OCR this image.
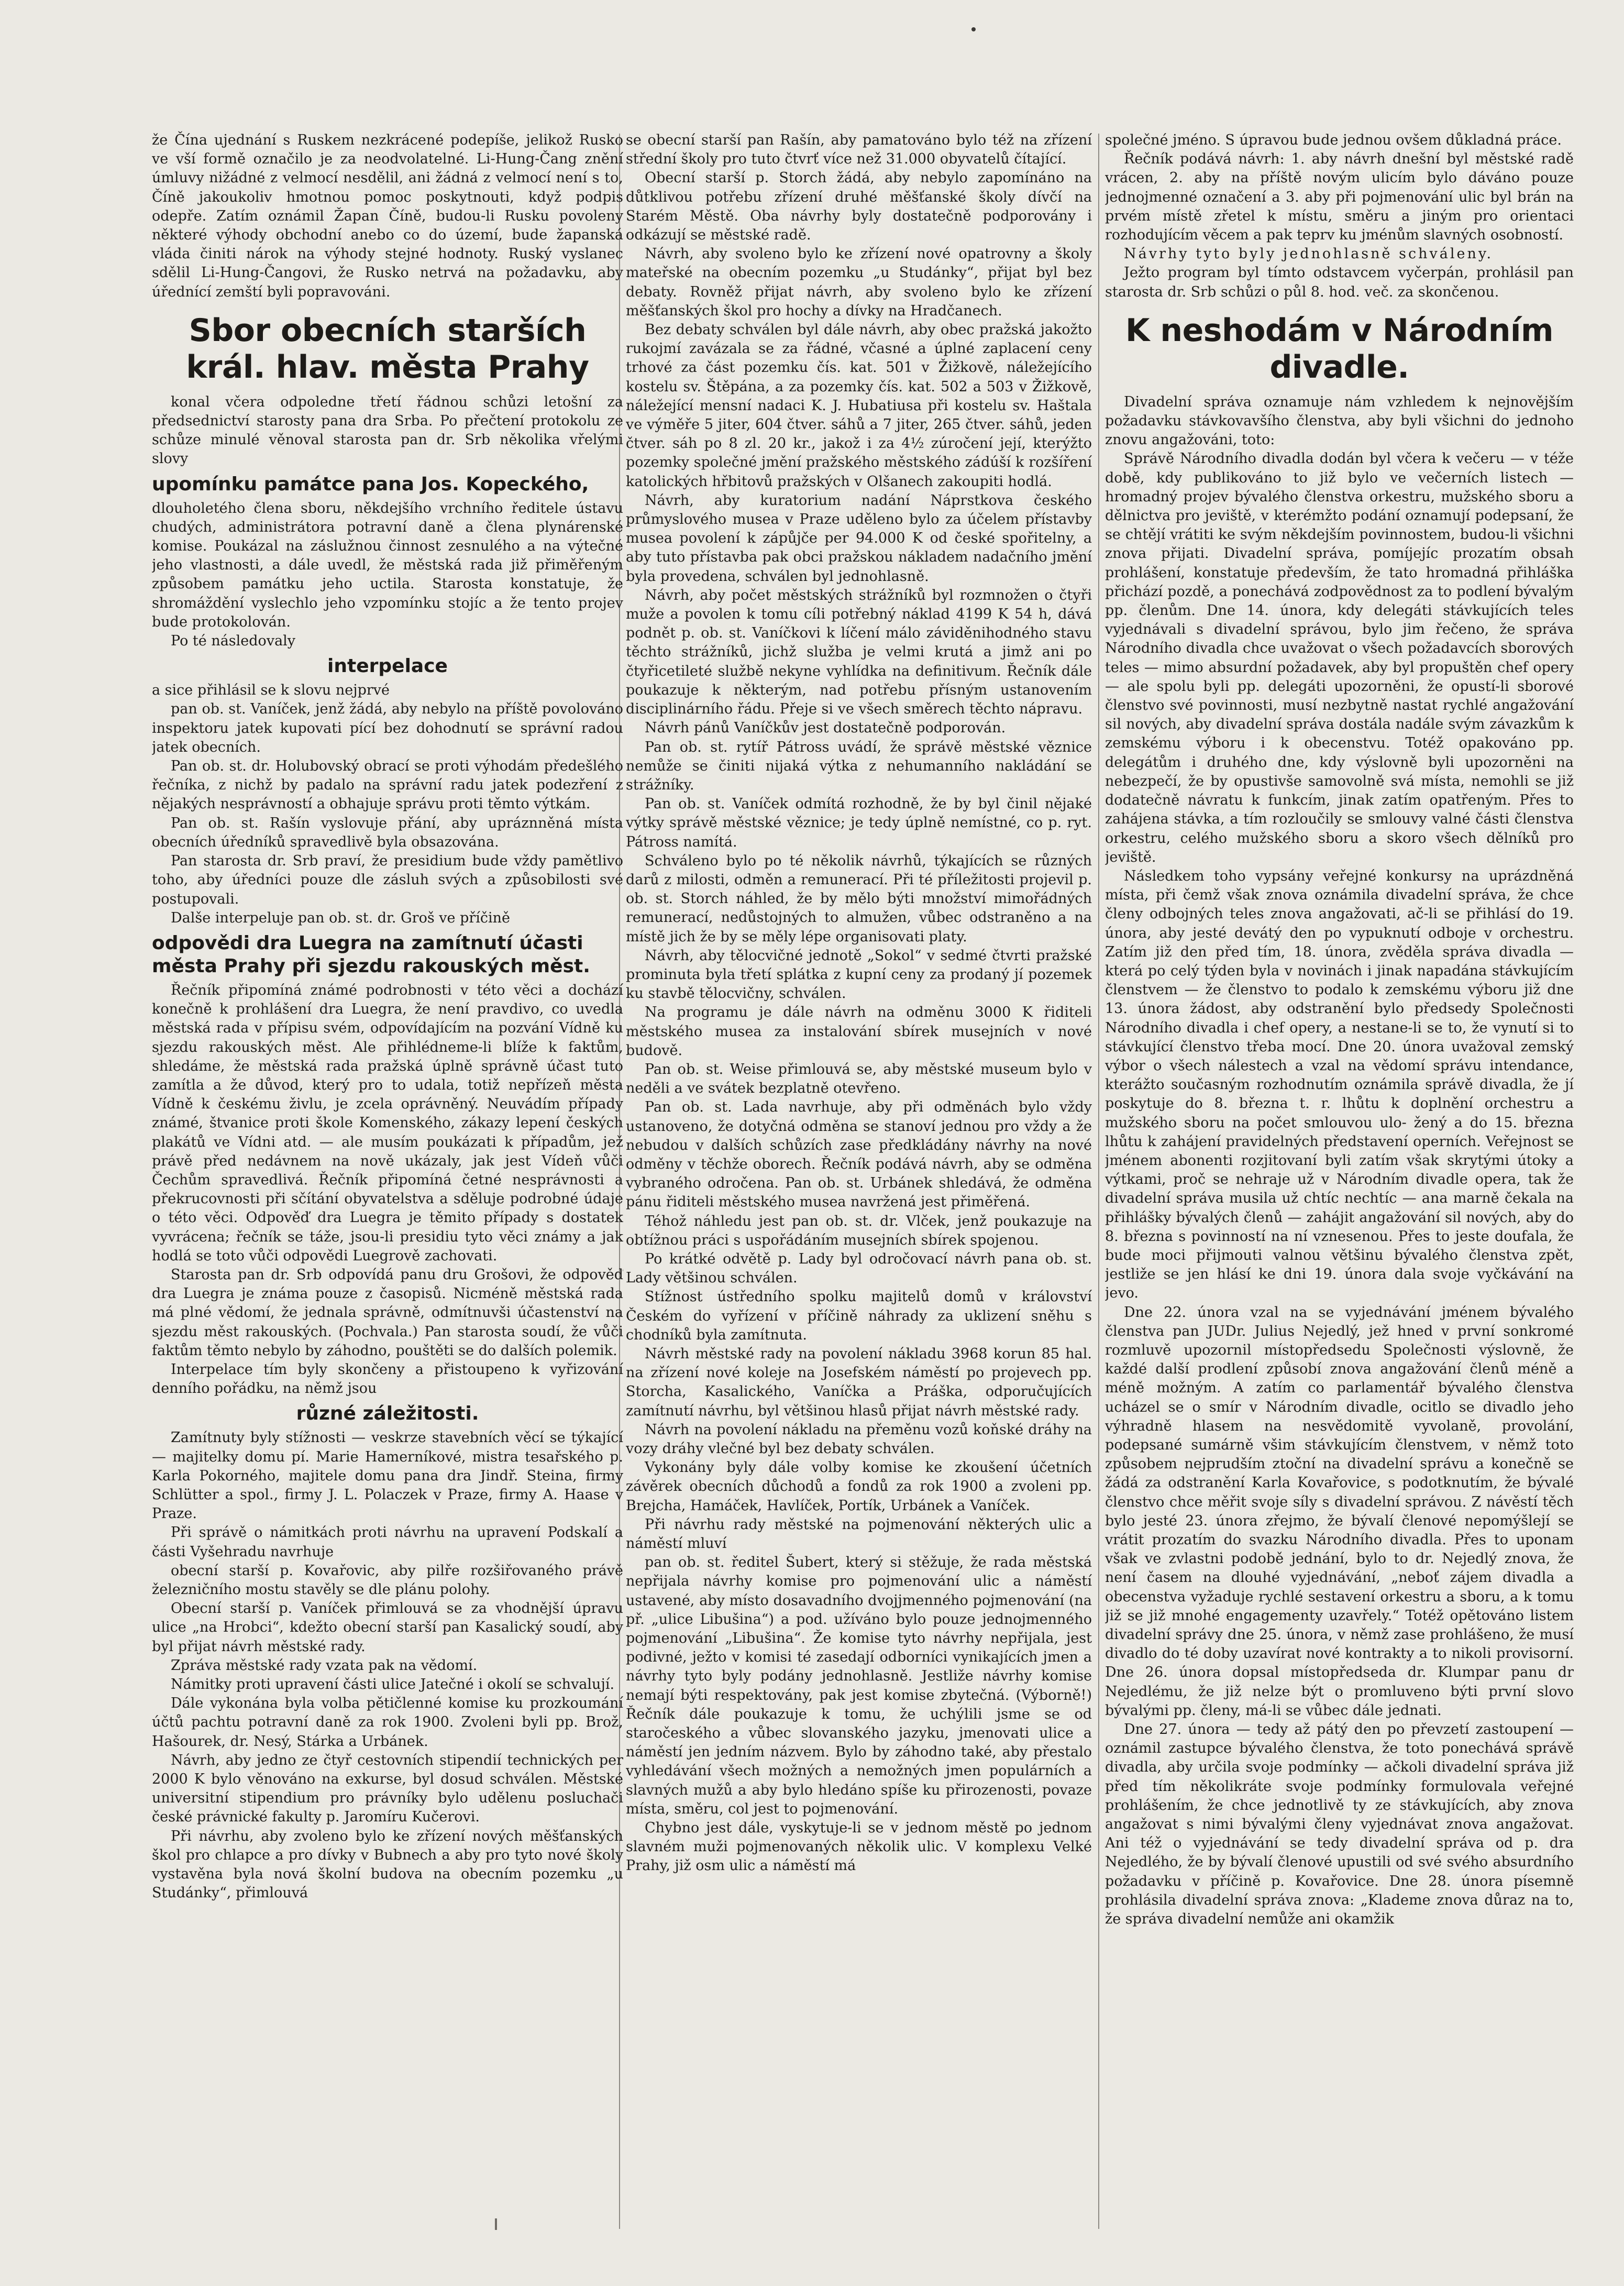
že Čína ujednání s Ruskem nezkrácené podepíše, jelikož Rusko ve vší formě označilo je za neodvolatelné. Li-Hung-Čang znění úmluvy nižádné z velmocí nesdělil, ani žádná z velmocí není s to, Číně jakoukoliv hmotnou pomoc poskytnouti, když podpis odepře. Zatím oznámil Žapan Číně, budou-li Rusku povoleny některé výhody obchodní anebo co do území, bude žapanská vláda činiti nárok na výhody stejné hodnoty. Ruský vyslanec sdělil Li-Hung-Čangovi, že Rusko netrvá na požadavku, aby úřednící zemští byli popravováni.

Sbor obecních starších král. hlav. města Prahy

konal včera odpoledne třetí řádnou schůzi letošní za předsednictví starosty pana dra Srba. Po přečtení protokolu ze schůze minulé věnoval starosta pan dr. Srb několika vřelými slovy

upomínku památce pana Jos. Kopeckého,

dlouholetého člena sboru, někdejšího vrchního ředitele ústavu chudých, administrátora potravní daně a člena plynárenské komise. Poukázal na záslužnou činnost zesnulého a na výtečné jeho vlastnosti, a dále uvedl, že městská rada již přiměřeným způsobem památku jeho uctila. Starosta konstatuje, že shromáždění vyslechlo jeho vzpomínku stojíc a že tento projev bude protokolován.

Po té následovaly

interpelace

a sice přihlásil se k slovu nejprvé

pan ob. st. Vaníček, jenž žádá, aby nebylo na příště povolováno inspektoru jatek kupovati pící bez dohodnutí se správní radou jatek obecních.

Pan ob. st. dr. Holubovský obrací se proti výhodám předešlého řečníka, z nichž by padalo na správní radu jatek podezření z nějakých nesprávností a obhajuje správu proti těmto výtkám.

Pan ob. st. Rašín vyslovuje přání, aby upráznněná místa obecních úředníků spravedlivě byla obsazována.

Pan starosta dr. Srb praví, že presidium bude vždy pamětlivo toho, aby úředníci pouze dle zásluh svých a způsobilosti své postupovali.

Dalše interpeluje pan ob. st. dr. Groš ve příčině

odpovědi dra Luegra na zamítnutí účasti města Prahy při sjezdu rakouských měst.

Řečník připomíná známé podrobnosti v této věci a dochází konečně k prohlášení dra Luegra, že není pravdivo, co uvedla městská rada v přípisu svém, odpovídajícím na pozvání Vídně ku sjezdu rakouských měst. Ale přihlédneme-li blíže k faktům, shledáme, že městská rada pražská úplně správně účast tuto zamítla a že důvod, který pro to udala, totiž nepřízeň města Vídně k českému živlu, je zcela oprávněný. Neuvádím případy známé, štvanice proti škole Komenského, zákazy lepení českých plakátů ve Vídni atd. — ale musím poukázati k případům, jež právě před nedávnem na nově ukázaly, jak jest Vídeň vůči Čechům spravedlivá. Řečník připomíná četné nesprávnosti a překrucovnosti při sčítání obyvatelstva a sděluje podrobné údaje o této věci. Odpověď dra Luegra je těmito případy s dostatek vyvrácena; řečník se táže, jsou-li presidiu tyto věci známy a jak hodlá se toto vůči odpovědi Luegrově zachovati.

Starosta pan dr. Srb odpovídá panu dru Grošovi, že odpověď dra Luegra je známa pouze z časopisů. Nicméně městská rada má plné vědomí, že jednala správně, odmítnuvši účastenství na sjezdu měst rakouských. (Pochvala.) Pan starosta soudí, že vůči faktům těmto nebylo by záhodno, pouštěti se do dalších polemik.

Interpelace tím byly skončeny a přistoupeno k vyřizování denního pořádku, na němž jsou

různé záležitosti.

Zamítnuty byly stížnosti — veskrze stavebních věcí se týkající — majitelky domu pí. Marie Hamerníkové, mistra tesařského p. Karla Pokorného, majitele domu pana dra Jindř. Steina, firmy Schlütter a spol., firmy J. L. Polaczek v Praze, firmy A. Haase v Praze.

Při správě o námitkách proti návrhu na upravení Podskalí a části Vyšehradu navrhuje

obecní starší p. Kovařovic, aby pilře rozšiřovaného právě železničního mostu stavěly se dle plánu polohy.

Obecní starší p. Vaníček přimlouvá se za vhodnější úpravu ulice „na Hrobci“, kdežto obecní starší pan Kasalický soudí, aby byl přijat návrh městské rady.

Zpráva městské rady vzata pak na vědomí.

Námitky proti upravení části ulice Jatečné i okolí se schvalují.

Dále vykonána byla volba pětičlenné komise ku prozkoumání účtů pachtu potravní daně za rok 1900. Zvoleni byli pp. Brož, Hašourek, dr. Nesý, Stárka a Urbánek.

Návrh, aby jedno ze čtyř cestovních stipendií technických per 2000 K bylo věnováno na exkurse, byl dosud schválen. Městské universitní stipendium pro právníky bylo udělenu posluchači české právnické fakulty p. Jaromíru Kučerovi.

Při návrhu, aby zvoleno bylo ke zřízení nových měšťanských škol pro chlapce a pro dívky v Bubnech a aby pro tyto nové školy vystavěna byla nová školní budova na obecním pozemku „u Studánky“, přimlouvá

se obecní starší pan Rašín, aby pamatováno bylo též na zřízení střední školy pro tuto čtvrť více než 31.000 obyvatelů čítající.

Obecní starší p. Storch žádá, aby nebylo zapomínáno na důtklivou potřebu zřízení druhé měšťanské školy dívčí na Starém Městě. Oba návrhy byly dostatečně podporovány i odkázují se městské radě.

Návrh, aby svoleno bylo ke zřízení nové opatrovny a školy mateřské na obecním pozemku „u Studánky“, přijat byl bez debaty. Rovněž přijat návrh, aby svoleno bylo ke zřízení měšťanských škol pro hochy a dívky na Hradčanech.

Bez debaty schválen byl dále návrh, aby obec pražská jakožto rukojmí zavázala se za řádné, včasné a úplné zaplacení ceny trhové za část pozemku čís. kat. 501 v Žižkově, náležejícího kostelu sv. Štěpána, a za pozemky čís. kat. 502 a 503 v Žižkově, náležející mensní nadaci K. J. Hubatiusa při kostelu sv. Haštala ve výměře 5 jiter, 604 čtver. sáhů a 7 jiter, 265 čtver. sáhů, jeden čtver. sáh po 8 zl. 20 kr., jakož i za 4½ zúročení její, kterýžto pozemky společné jmění pražského městského zádúší k rozšíření katolických hřbitovů pražských v Olšanech zakoupiti hodlá.

Návrh, aby kuratorium nadání Náprstkova českého průmyslového musea v Praze uděleno bylo za účelem přístavby musea povolení k zápůjče per 94.000 K od české spořitelny, a aby tuto přístavba pak obci pražskou nákladem nadačního jmění byla provedena, schválen byl jednohlasně.

Návrh, aby počet městských strážníků byl rozmnožen o čtyři muže a povolen k tomu cíli potřebný náklad 4199 K 54 h, dává podnět p. ob. st. Vaníčkovi k líčení málo záviděnihodného stavu těchto strážníků, jichž služba je velmi krutá a jimž ani po čtyřicetileté službě nekyne vyhlídka na definitivum. Řečník dále poukazuje k některým, nad potřebu přísným ustanovením disciplinárního řádu. Přeje si ve všech směrech těchto nápravu.

Návrh pánů Vaníčkův jest dostatečně podporován.

Pan ob. st. rytíř Pátross uvádí, že správě městské věznice nemůže se činiti nijaká výtka z nehumanního nakládání se strážníky.

Pan ob. st. Vaníček odmítá rozhodně, že by byl činil nějaké výtky správě městské věznice; je tedy úplně nemístné, co p. ryt. Pátross namítá.

Schváleno bylo po té několik návrhů, týkajících se různých darů z milosti, odměn a remunerací. Při té příležitosti projevil p. ob. st. Storch náhled, že by mělo býti množství mimořádných remunerací, nedůstojných to almužen, vůbec odstraněno a na místě jich že by se měly lépe organisovati platy.

Návrh, aby tělocvičné jednotě „Sokol“ v sedmé čtvrti pražské prominuta byla třetí splátka z kupní ceny za prodaný jí pozemek ku stavbě tělocvičny, schválen.

Na programu je dále návrh na odměnu 3000 K řiditeli městského musea za instalování sbírek musejních v nové budově.

Pan ob. st. Weise přimlouvá se, aby městské museum bylo v neděli a ve svátek bezplatně otevřeno.

Pan ob. st. Lada navrhuje, aby při odměnách bylo vždy ustanoveno, že dotyčná odměna se stanoví jednou pro vždy a že nebudou v dalších schůzích zase předkládány návrhy na nové odměny v těchže oborech. Řečník podává návrh, aby se odměna vybraného odročena. Pan ob. st. Urbánek shledává, že odměna pánu řiditeli městského musea navržená jest přiměřená.

Téhož náhledu jest pan ob. st. dr. Vlček, jenž poukazuje na obtížnou práci s uspořádáním musejních sbírek spojenou.

Po krátké odvětě p. Lady byl odročovací návrh pana ob. st. Lady většinou schválen.

Stížnost ústředního spolku majitelů domů v království Českém do vyřízení v příčině náhrady za uklizení sněhu s chodníků byla zamítnuta.

Návrh městské rady na povolení nákladu 3968 korun 85 hal. na zřízení nové koleje na Josefském náměstí po projevech pp. Storcha, Kasalického, Vaníčka a Práška, odporučujících zamítnutí návrhu, byl většinou hlasů přijat návrh městské rady.

Návrh na povolení nákladu na přeměnu vozů koňské dráhy na vozy dráhy vlečné byl bez debaty schválen.

Vykonány byly dále volby komise ke zkoušení účetních závěrek obecních důchodů a fondů za rok 1900 a zvoleni pp. Brejcha, Hamáček, Havlíček, Portík, Urbánek a Vaníček.

Při návrhu rady městské na pojmenování některých ulic a náměstí mluví

pan ob. st. ředitel Šubert, který si stěžuje, že rada městská nepřijala návrhy komise pro pojmenování ulic a náměstí ustavené, aby místo dosavadního dvojjmenného pojmenování (na př. „ulice Libušina“) a pod. užíváno bylo pouze jednojmenného pojmenování „Libušina“. Že komise tyto návrhy nepřijala, jest podivné, ježto v komisi té zasedají odborníci vynikajících jmen a návrhy tyto byly podány jednohlasně. Jestliže návrhy komise nemají býti respektovány, pak jest komise zbytečná. (Výborně!) Řečník dále poukazuje k tomu, že uchýlili jsme se od staročeského a vůbec slovanského jazyku, jmenovati ulice a náměstí jen jedním názvem. Bylo by záhodno také, aby přestalo vyhledávání všech možných a nemožných jmen populárních a slavných mužů a aby bylo hledáno spíše ku přirozenosti, povaze místa, směru, col jest to pojmenování.

Chybno jest dále, vyskytuje-li se v jednom městě po jednom slavném muži pojmenovaných několik ulic. V komplexu Velké Prahy, již osm ulic a náměstí má

společné jméno. S úpravou bude jednou ovšem důkladná práce.

Řečník podává návrh: 1. aby návrh dnešní byl městské radě vrácen, 2. aby na příště novým ulicím bylo dáváno pouze jednojmenné označení a 3. aby při pojmenování ulic byl brán na prvém místě zřetel k místu, směru a jiným pro orientaci rozhodujícím věcem a pak teprv ku jménům slavných osobností.

Návrhy tyto byly jednohlasně schváleny.

Ježto program byl tímto odstavcem vyčerpán, prohlásil pan starosta dr. Srb schůzi o půl 8. hod. več. za skončenou.

K neshodám v Národním divadle.

Divadelní správa oznamuje nám vzhledem k nejnovějším požadavku stávkovavšího členstva, aby byli všichni do jednoho znovu angažováni, toto:

Správě Národního divadla dodán byl včera k večeru — v téže době, kdy publikováno to již bylo ve večerních listech — hromadný projev bývalého členstva orkestru, mužského sboru a dělnictva pro jeviště, v kterémžto podání oznamují podepsaní, že se chtějí vrátiti ke svým někdejším povinnostem, budou-li všichni znova přijati. Divadelní správa, pomíjejíc prozatím obsah prohlášení, konstatuje především, že tato hromadná přihláška přichází pozdě, a ponechává zodpovědnost za to podlení bývalým pp. členům. Dne 14. února, kdy delegáti stávkujících teles vyjednávali s divadelní správou, bylo jim řečeno, že správa Národního divadla chce uvažovat o všech požadavcích sborových teles — mimo absurdní požadavek, aby byl propuštěn chef opery — ale spolu byli pp. delegáti upozorněni, že opustí-li sborové členstvo své povinnosti, musí nezbytně nastat rychlé angažování sil nových, aby divadelní správa dostála nadále svým závazkům k zemskému výboru i k obecenstvu. Totéž opakováno pp. delegátům i druhého dne, kdy výslovně byli upozorněni na nebezpečí, že by opustivše samovolně svá místa, nemohli se již dodatečně návratu k funkcím, jinak zatím opatřeným. Přes to zahájena stávka, a tím rozloučily se smlouvy valné části členstva orkestru, celého mužského sboru a skoro všech dělníků pro jeviště.

Následkem toho vypsány veřejné konkursy na uprázdněná místa, při čemž však znova oznámila divadelní správa, že chce členy odbojných teles znova angažovati, ač-li se přihlásí do 19. února, aby jesté devátý den po vypuknutí odboje v orchestru. Zatím již den před tím, 18. února, zvěděla správa divadla — která po celý týden byla v novinách i jinak napadána stávkujícím členstvem — že členstvo to podalo k zemskému výboru již dne 13. února žádost, aby odstranění bylo předsedy Společnosti Národního divadla i chef opery, a nestane-li se to, že vynutí si to stávkující členstvo třeba mocí. Dne 20. února uvažoval zemský výbor o všech nálestech a vzal na vědomí správu intendance, kterážto současným rozhodnutím oznámila správě divadla, že jí poskytuje do 8. března t. r. lhůtu k doplnění orchestru a mužského sboru na počet smlouvou ulo- žený a do 15. března lhůtu k zahájení pravidelných představení operních. Veřejnost se jménem abonenti rozjitovaní byli zatím však skrytými útoky a výtkami, proč se nehraje už v Národním divadle opera, tak že divadelní správa musila už chtíc nechtíc — ana marně čekala na přihlášky bývalých členů — zahájit angažování sil nových, aby do 8. března s povinností na ní vznesenou. Přes to jeste doufala, že bude moci přijmouti valnou většinu bývalého členstva zpět, jestliže se jen hlásí ke dni 19. února dala svoje vyčkávání na jevo.

Dne 22. února vzal na se vyjednávání jménem bývalého členstva pan JUDr. Julius Nejedlý, jež hned v první sonkromé rozmluvě upozornil místopředsedu Společnosti výslovně, že každé další prodlení způsobí znova angažování členů méně a méně možným. A zatím co parlamentář bývalého členstva ucházel se o smír v Národním divadle, ocitlo se divadlo jeho výhradně hlasem na nesvědomitě vyvolaně, provolání, podepsané sumárně všim stávkujícím členstvem, v němž toto způsobem nejprudším ztoční na divadelní správu a konečně se žádá za odstranění Karla Kovařovice, s podotknutím, že bývalé členstvo chce měřit svoje síly s divadelní správou. Z návěstí těch bylo jesté 23. února zřejmo, že bývalí členové nepomýšlejí se vrátit prozatím do svazku Národního divadla. Přes to uponam však ve zvlastni podobě jednání, bylo to dr. Nejedlý znova, že není časem na dlouhé vyjednávání, „neboť zájem divadla a obecenstva vyžaduje rychlé sestavení orkestru a sboru, a k tomu již se již mnohé engagementy uzavřely.“ Totéž opětováno listem divadelní správy dne 25. února, v němž zase prohlášeno, že musí divadlo do té doby uzavírat nové kontrakty a to nikoli provisorní. Dne 26. února dopsal místopředseda dr. Klumpar panu dr Nejedlému, že již nelze být o promluveno býti první slovo bývalými pp. členy, má-li se vůbec dále jednati.

Dne 27. února — tedy až pátý den po převzetí zastoupení — oznámil zastupce bývalého členstva, že toto ponechává správě divadla, aby určila svoje podmínky — ačkoli divadelní správa již před tím několikráte svoje podmínky formulovala veřejné prohlášením, že chce jednotlivě ty ze stávkujících, aby znova angažovat s nimi bývalými členy vyjednávat znova angažovat. Ani též o vyjednávání se tedy divadelní správa od p. dra Nejedlého, že by bývalí členové upustili od své svého absurdního požadavku v příčině p. Kovařovice. Dne 28. února písemně prohlásila divadelní správa znova: „Klademe znova důraz na to, že správa divadelní nemůže ani okamžik
